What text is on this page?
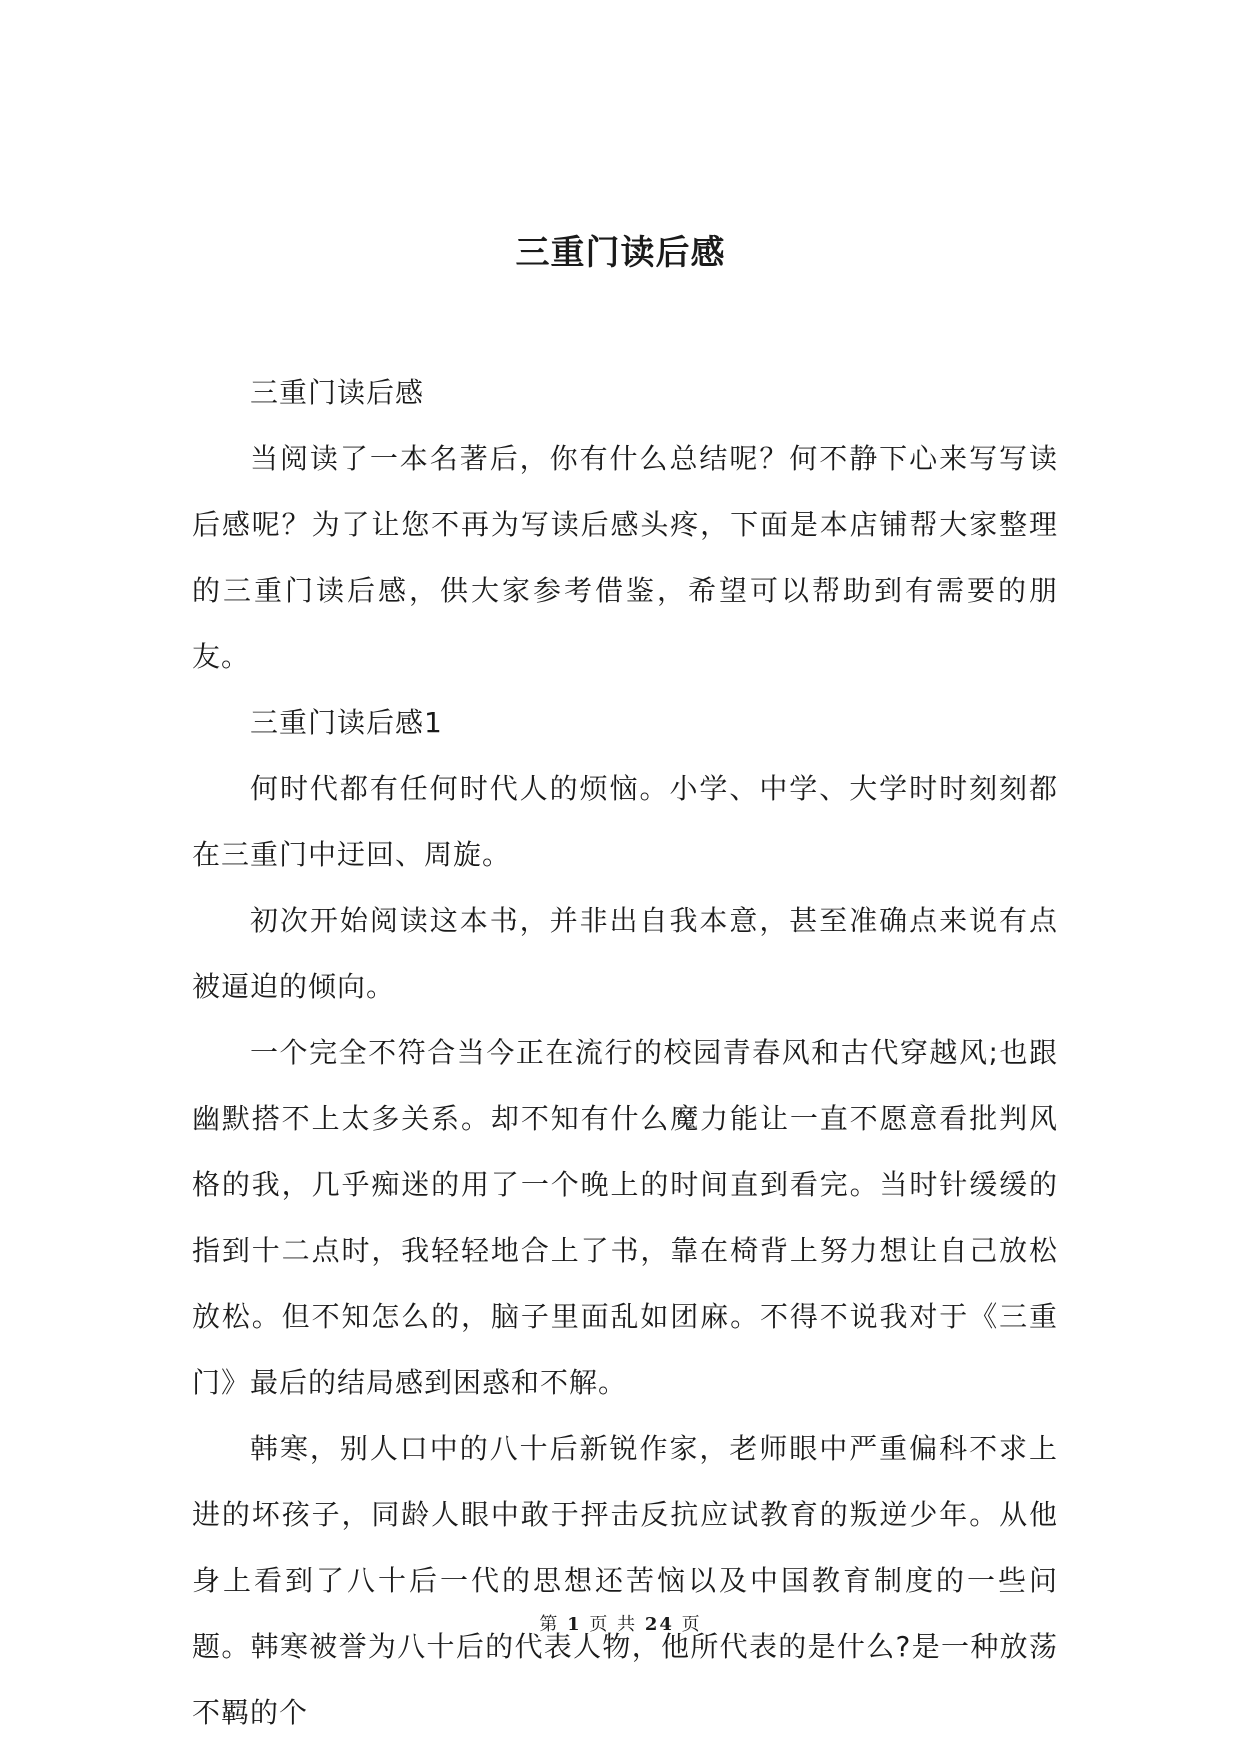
三重门读后感

三重门读后感

当阅读了一本名著后，你有什么总结呢？何不静下心来写写读后感呢？为了让您不再为写读后感头疼，下面是本店铺帮大家整理的三重门读后感，供大家参考借鉴，希望可以帮助到有需要的朋友。

三重门读后感1

何时代都有任何时代人的烦恼。小学、中学、大学时时刻刻都在三重门中迂回、周旋。

初次开始阅读这本书，并非出自我本意，甚至准确点来说有点被逼迫的倾向。

一个完全不符合当今正在流行的校园青春风和古代穿越风;也跟幽默搭不上太多关系。却不知有什么魔力能让一直不愿意看批判风格的我，几乎痴迷的用了一个晚上的时间直到看完。当时针缓缓的指到十二点时，我轻轻地合上了书，靠在椅背上努力想让自己放松放松。但不知怎么的，脑子里面乱如团麻。不得不说我对于《三重门》最后的结局感到困惑和不解。

韩寒，别人口中的八十后新锐作家，老师眼中严重偏科不求上进的坏孩子，同龄人眼中敢于抨击反抗应试教育的叛逆少年。从他身上看到了八十后一代的思想还苦恼以及中国教育制度的一些问题。韩寒被誉为八十后的代表人物，他所代表的是什么?是一种放荡不羁的个

第 1 页 共 24 页
